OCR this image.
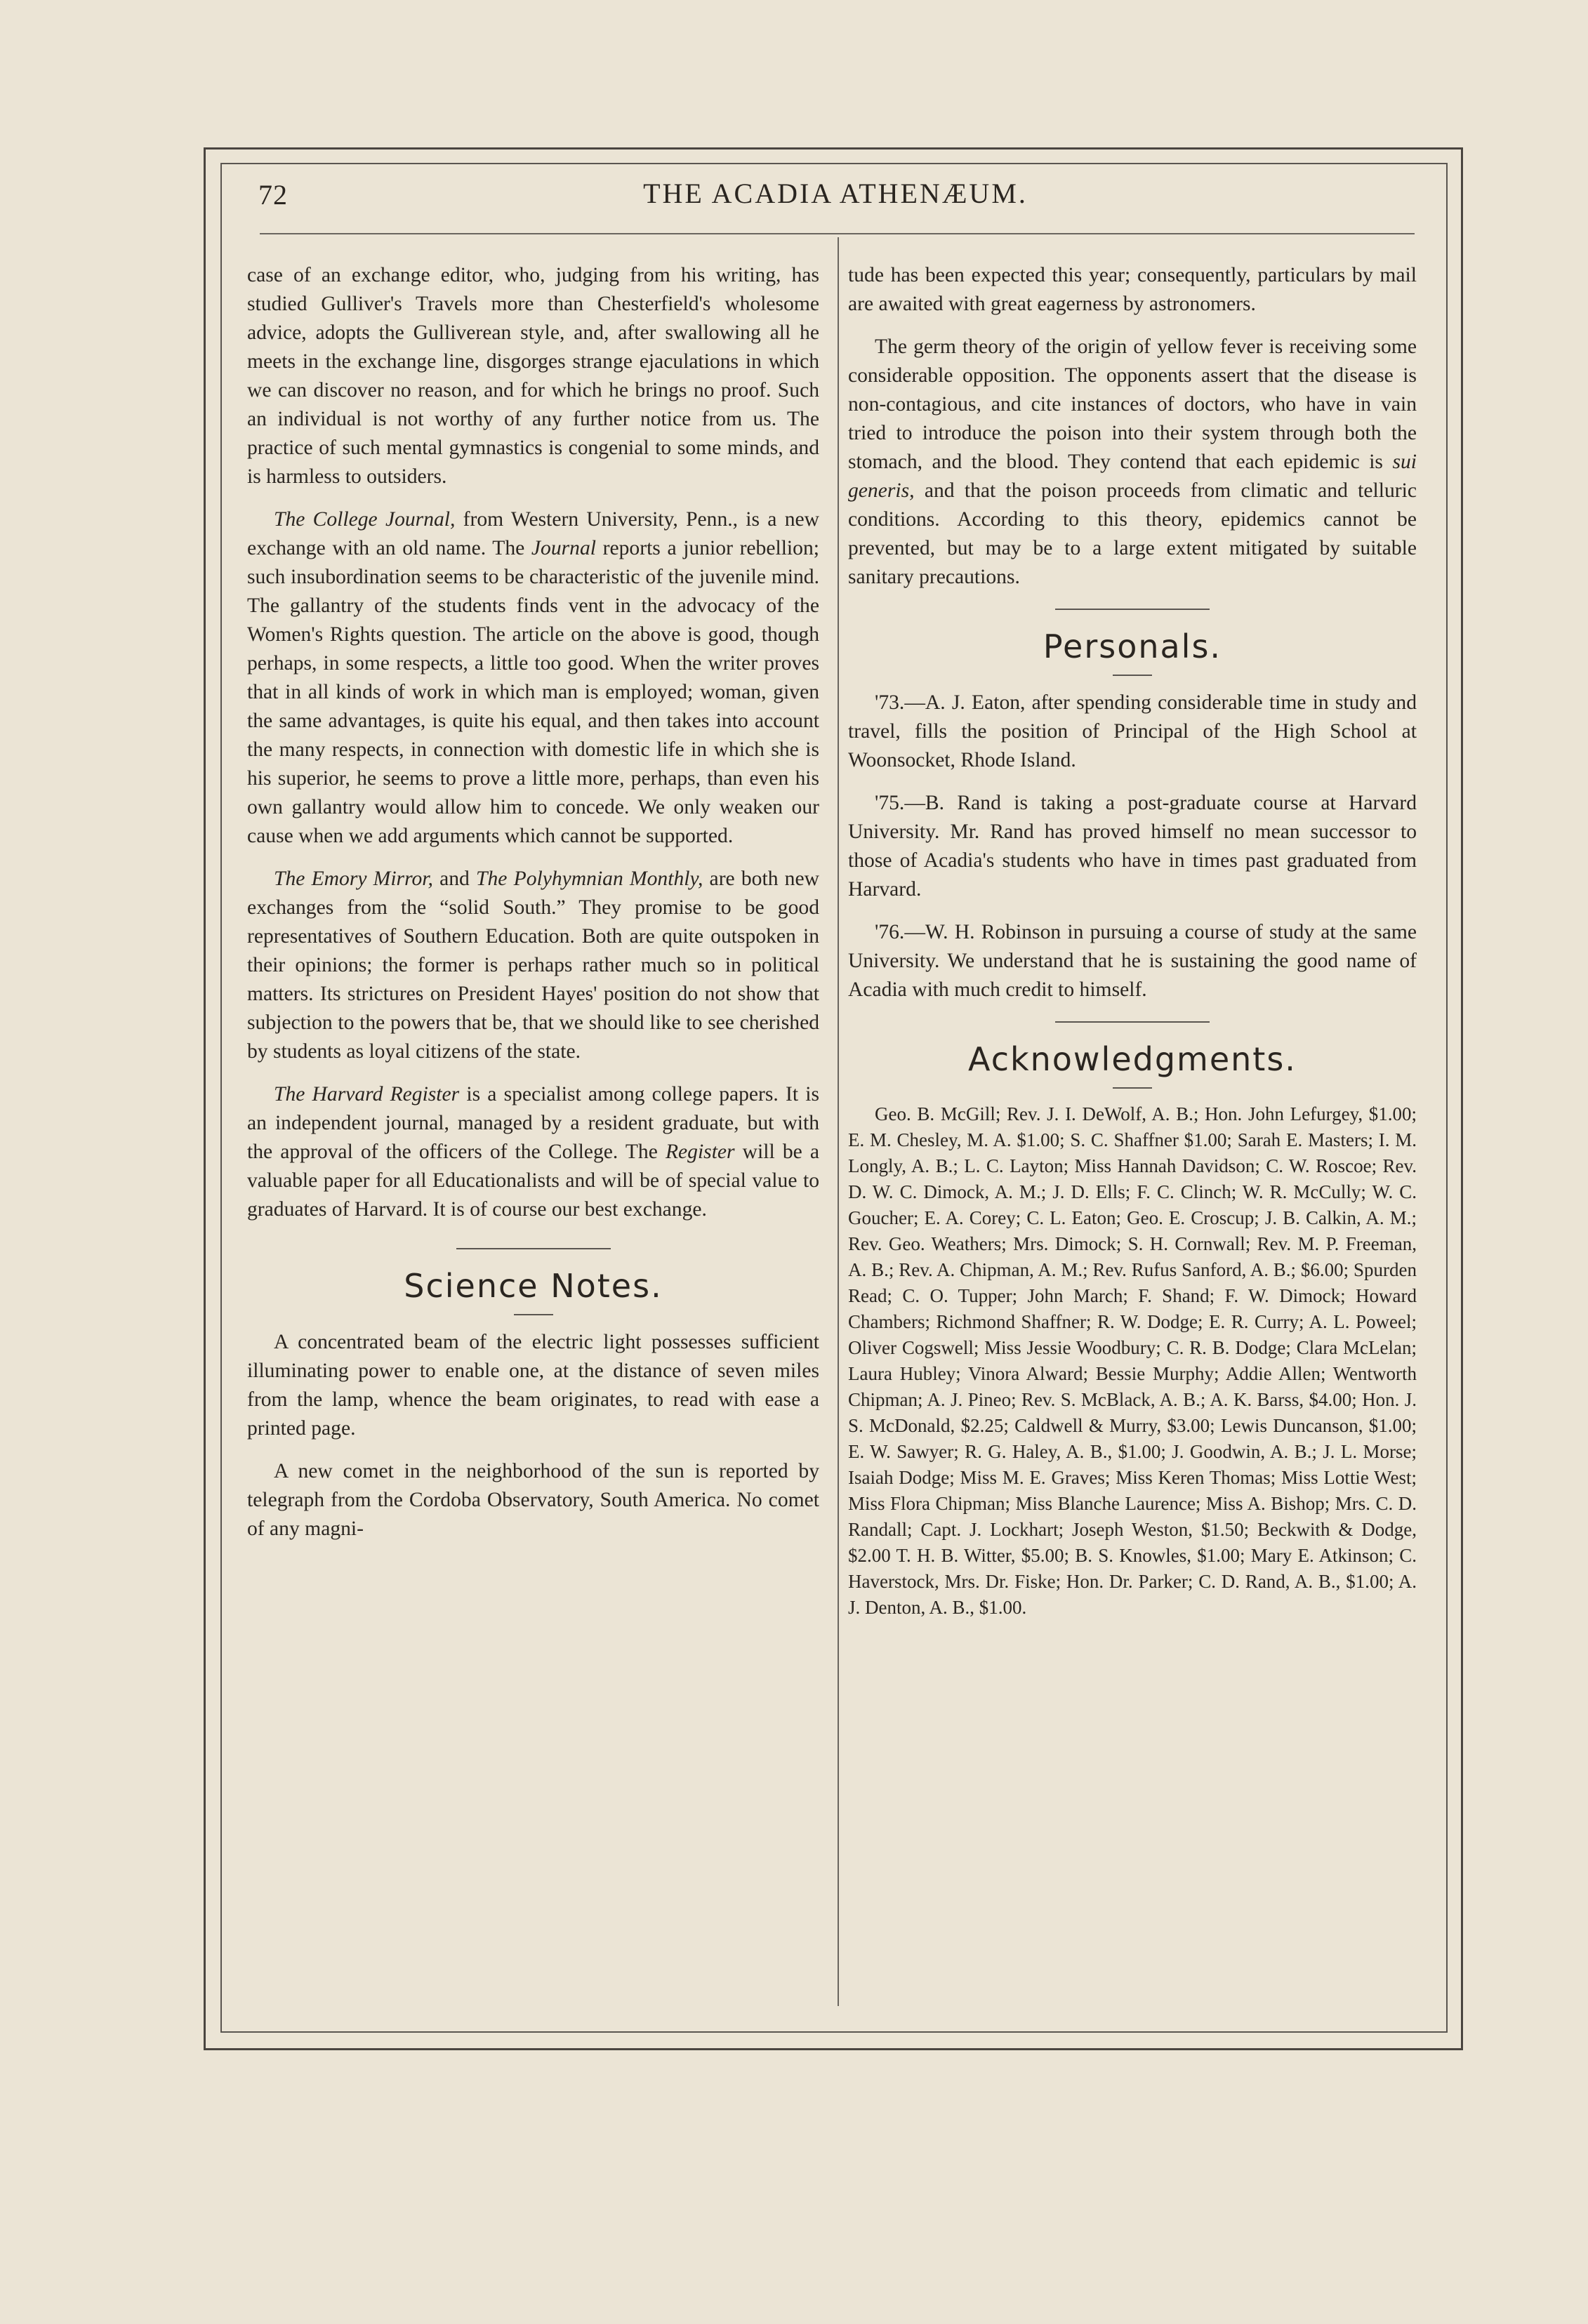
72	THE ACADIA ATHENÆUM.

case of an exchange editor, who, judging from his writing, has studied Gulliver's Travels more than Chesterfield's wholesome advice, adopts the Gulliverean style, and, after swallowing all he meets in the exchange line, disgorges strange ejaculations in which we can discover no reason, and for which he brings no proof. Such an individual is not worthy of any further notice from us. The practice of such mental gymnastics is congenial to some minds, and is harmless to outsiders.

The College Journal, from Western University, Penn., is a new exchange with an old name. The Journal reports a junior rebellion; such insubordination seems to be characteristic of the juvenile mind. The gallantry of the students finds vent in the advocacy of the Women's Rights question. The article on the above is good, though perhaps, in some respects, a little too good. When the writer proves that in all kinds of work in which man is employed; woman, given the same advantages, is quite his equal, and then takes into account the many respects, in connection with domestic life in which she is his superior, he seems to prove a little more, perhaps, than even his own gallantry would allow him to concede. We only weaken our cause when we add arguments which cannot be supported.

The Emory Mirror, and The Polyhymnian Monthly, are both new exchanges from the “solid South.” They promise to be good representatives of Southern Education. Both are quite outspoken in their opinions; the former is perhaps rather much so in political matters. Its strictures on President Hayes' position do not show that subjection to the powers that be, that we should like to see cherished by students as loyal citizens of the state.

The Harvard Register is a specialist among college papers. It is an independent journal, managed by a resident graduate, but with the approval of the officers of the College. The Register will be a valuable paper for all Educationalists and will be of special value to graduates of Harvard. It is of course our best exchange.

Science Notes.

A concentrated beam of the electric light possesses sufficient illuminating power to enable one, at the distance of seven miles from the lamp, whence the beam originates, to read with ease a printed page.

A new comet in the neighborhood of the sun is reported by telegraph from the Cordoba Observatory, South America. No comet of any magni-

tude has been expected this year; consequently, particulars by mail are awaited with great eagerness by astronomers.

The germ theory of the origin of yellow fever is receiving some considerable opposition. The opponents assert that the disease is non-contagious, and cite instances of doctors, who have in vain tried to introduce the poison into their system through both the stomach, and the blood. They contend that each epidemic is sui generis, and that the poison proceeds from climatic and telluric conditions. According to this theory, epidemics cannot be prevented, but may be to a large extent mitigated by suitable sanitary precautions.

Personals.

'73.—A. J. Eaton, after spending considerable time in study and travel, fills the position of Principal of the High School at Woonsocket, Rhode Island.

'75.—B. Rand is taking a post-graduate course at Harvard University. Mr. Rand has proved himself no mean successor to those of Acadia's students who have in times past graduated from Harvard.

'76.—W. H. Robinson in pursuing a course of study at the same University. We understand that he is sustaining the good name of Acadia with much credit to himself.

Acknowledgments.

Geo. B. McGill; Rev. J. I. DeWolf, A. B.; Hon. John Lefurgey, $1.00; E. M. Chesley, M. A. $1.00; S. C. Shaffner $1.00; Sarah E. Masters; I. M. Longly, A. B.; L. C. Layton; Miss Hannah Davidson; C. W. Roscoe; Rev. D. W. C. Dimock, A. M.; J. D. Ells; F. C. Clinch; W. R. McCully; W. C. Goucher; E. A. Corey; C. L. Eaton; Geo. E. Croscup; J. B. Calkin, A. M.; Rev. Geo. Weathers; Mrs. Dimock; S. H. Cornwall; Rev. M. P. Freeman, A. B.; Rev. A. Chipman, A. M.; Rev. Rufus Sanford, A. B.; $6.00; Spurden Read; C. O. Tupper; John March; F. Shand; F. W. Dimock; Howard Chambers; Richmond Shaffner; R. W. Dodge; E. R. Curry; A. L. Poweel; Oliver Cogswell; Miss Jessie Woodbury; C. R. B. Dodge; Clara McLelan; Laura Hubley; Vinora Alward; Bessie Murphy; Addie Allen; Wentworth Chipman; A. J. Pineo; Rev. S. McBlack, A. B.; A. K. Barss, $4.00; Hon. J. S. McDonald, $2.25; Caldwell & Murry, $3.00; Lewis Duncanson, $1.00; E. W. Sawyer; R. G. Haley, A. B., $1.00; J. Goodwin, A. B.; J. L. Morse; Isaiah Dodge; Miss M. E. Graves; Miss Keren Thomas; Miss Lottie West; Miss Flora Chipman; Miss Blanche Laurence; Miss A. Bishop; Mrs. C. D. Randall; Capt. J. Lockhart; Joseph Weston, $1.50; Beckwith & Dodge, $2.00 T. H. B. Witter, $5.00; B. S. Knowles, $1.00; Mary E. Atkinson; C. Haverstock, Mrs. Dr. Fiske; Hon. Dr. Parker; C. D. Rand, A. B., $1.00; A. J. Denton, A. B., $1.00.
